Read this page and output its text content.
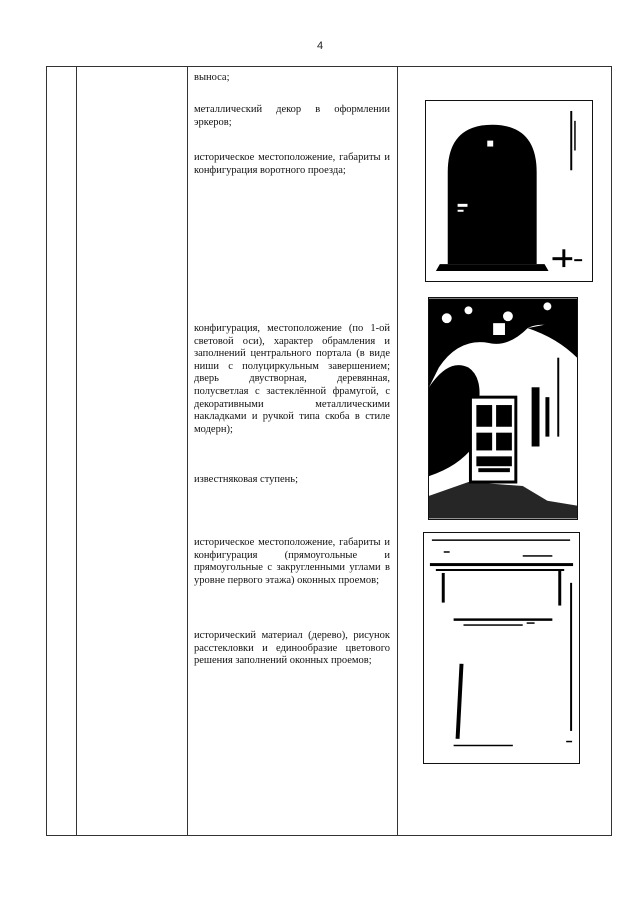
4

выноса;

металлический декор в оформлении эркеров;

историческое местоположение, габариты и конфигурация воротного проезда;

конфигурация, местоположение (по 1-ой световой оси), характер обрамления и заполнений центрального портала (в виде ниши с полуциркульным завершением; дверь двустворная, деревянная, полусветлая с застеклённой фрамугой, с декоративными металлическими накладками и ручкой типа скоба в стиле модерн);

известняковая ступень;

историческое местоположение, габариты и конфигурация (прямоугольные и прямоугольные с закругленными углами в уровне первого этажа) оконных проемов;

исторический материал (дерево), рисунок расстекловки и единообразие цветового решения заполнений оконных проемов;
